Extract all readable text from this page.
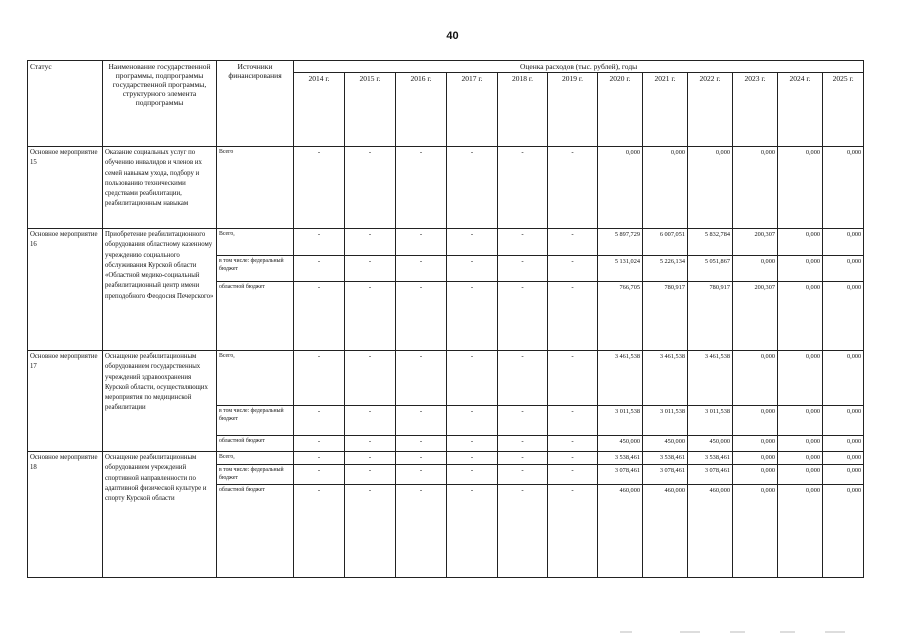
40
Статус	Наименование государственной программы, подпрограммы государственной программы, структурного элемента подпрограммы	Источники финансирования	Оценка расходов (тыс. рублей), годы											
			2014 г.	2015 г.	2016 г.	2017 г.	2018 г.	2019 г.	2020 г.	2021 г.	2022 г.	2023 г.	2024 г.	2025 г.
Основное мероприятие 15	Оказание социальных услуг по обучению инвалидов и членов их семей навыкам ухода, подбору и пользованию техническими средствами реабилитации, реабилитационным навыкам	Всего	-	-	-	-	-	-	0,000	0,000	0,000	0,000	0,000	0,000
Основное мероприятие 16	Приобретение реабилитационного оборудования областному казенному учреждению социального обслуживания Курской области «Областной медико-социальный реабилитационный центр имени преподобного Феодосия Печерского»	Всего,	-	-	-	-	-	-	5 897,729	6 007,051	5 832,784	200,307	0,000	0,000
		в том числе: федеральный бюджет	-	-	-	-	-	-	5 131,024	5 226,134	5 051,867	0,000	0,000	0,000
		областной бюджет	-	-	-	-	-	-	766,705	780,917	780,917	200,307	0,000	0,000
Основное мероприятие 17	Оснащение реабилитационным оборудованием государственных учреждений здравоохранения Курской области, осуществляющих мероприятия по медицинской реабилитации	Всего,	-	-	-	-	-	-	3 461,538	3 461,538	3 461,538	0,000	0,000	0,000
		в том числе: федеральный бюджет	-	-	-	-	-	-	3 011,538	3 011,538	3 011,538	0,000	0,000	0,000
		областной бюджет	-	-	-	-	-	-	450,000	450,000	450,000	0,000	0,000	0,000
Основное мероприятие 18	Оснащение реабилитационным оборудованием учреждений спортивной направленности по адаптивной физической культуре и спорту Курской области	Всего,	-	-	-	-	-	-	3 538,461	3 538,461	3 538,461	0,000	0,000	0,000
		в том числе: федеральный бюджет	-	-	-	-	-	-	3 078,461	3 078,461	3 078,461	0,000	0,000	0,000
		областной бюджет	-	-	-	-	-	-	460,000	460,000	460,000	0,000	0,000	0,000
